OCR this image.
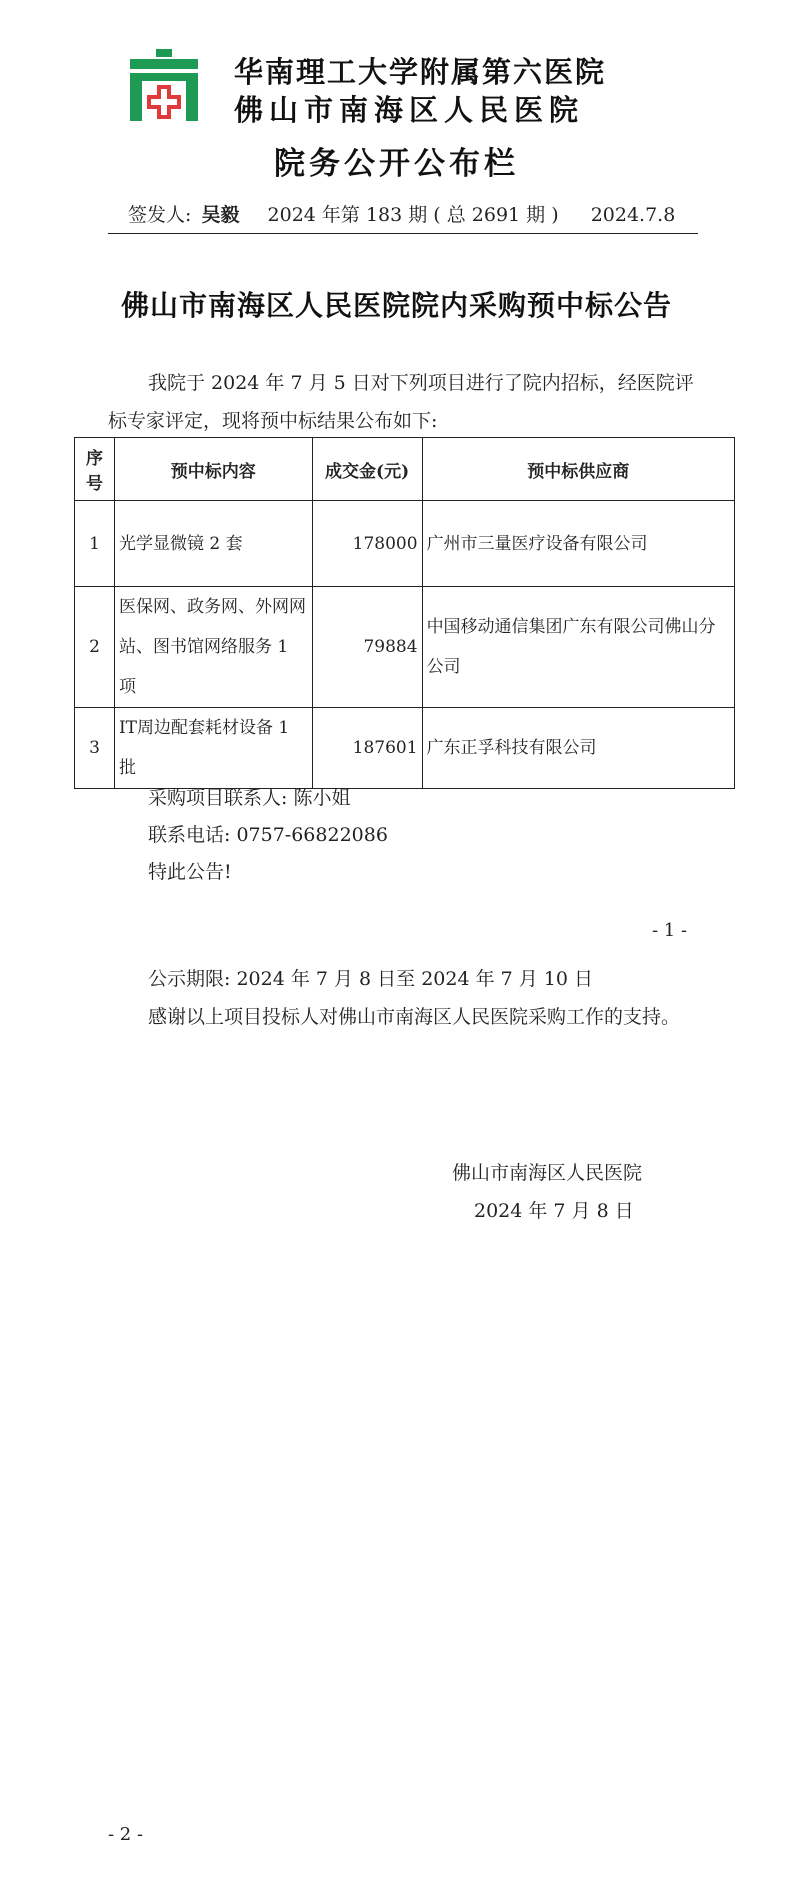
华南理工大学附属第六医院
佛山市南海区人民医院
院务公开公布栏
签发人: 吴毅 2024 年第 183 期 ( 总 2691 期 ) 2024.7.8
佛山市南海区人民医院院内采购预中标公告
我院于 2024 年 7 月 5 日对下列项目进行了院内招标，经医院评标专家评定，现将预中标结果公布如下:
序号	预中标内容	成交金(元)	预中标供应商
1	光学显微镜 2 套	178000	广州市三量医疗设备有限公司
2	医保网、政务网、外网网站、图书馆网络服务 1 项	79884	中国移动通信集团广东有限公司佛山分公司
3	IT周边配套耗材设备 1 批	187601	广东正孚科技有限公司
采购项目联系人: 陈小姐
联系电话: 0757-66822086
特此公告!
- 1 -
公示期限: 2024 年 7 月 8 日至 2024 年 7 月 10 日
感谢以上项目投标人对佛山市南海区人民医院采购工作的支持。
佛山市南海区人民医院
2024 年 7 月 8 日
- 2 -
